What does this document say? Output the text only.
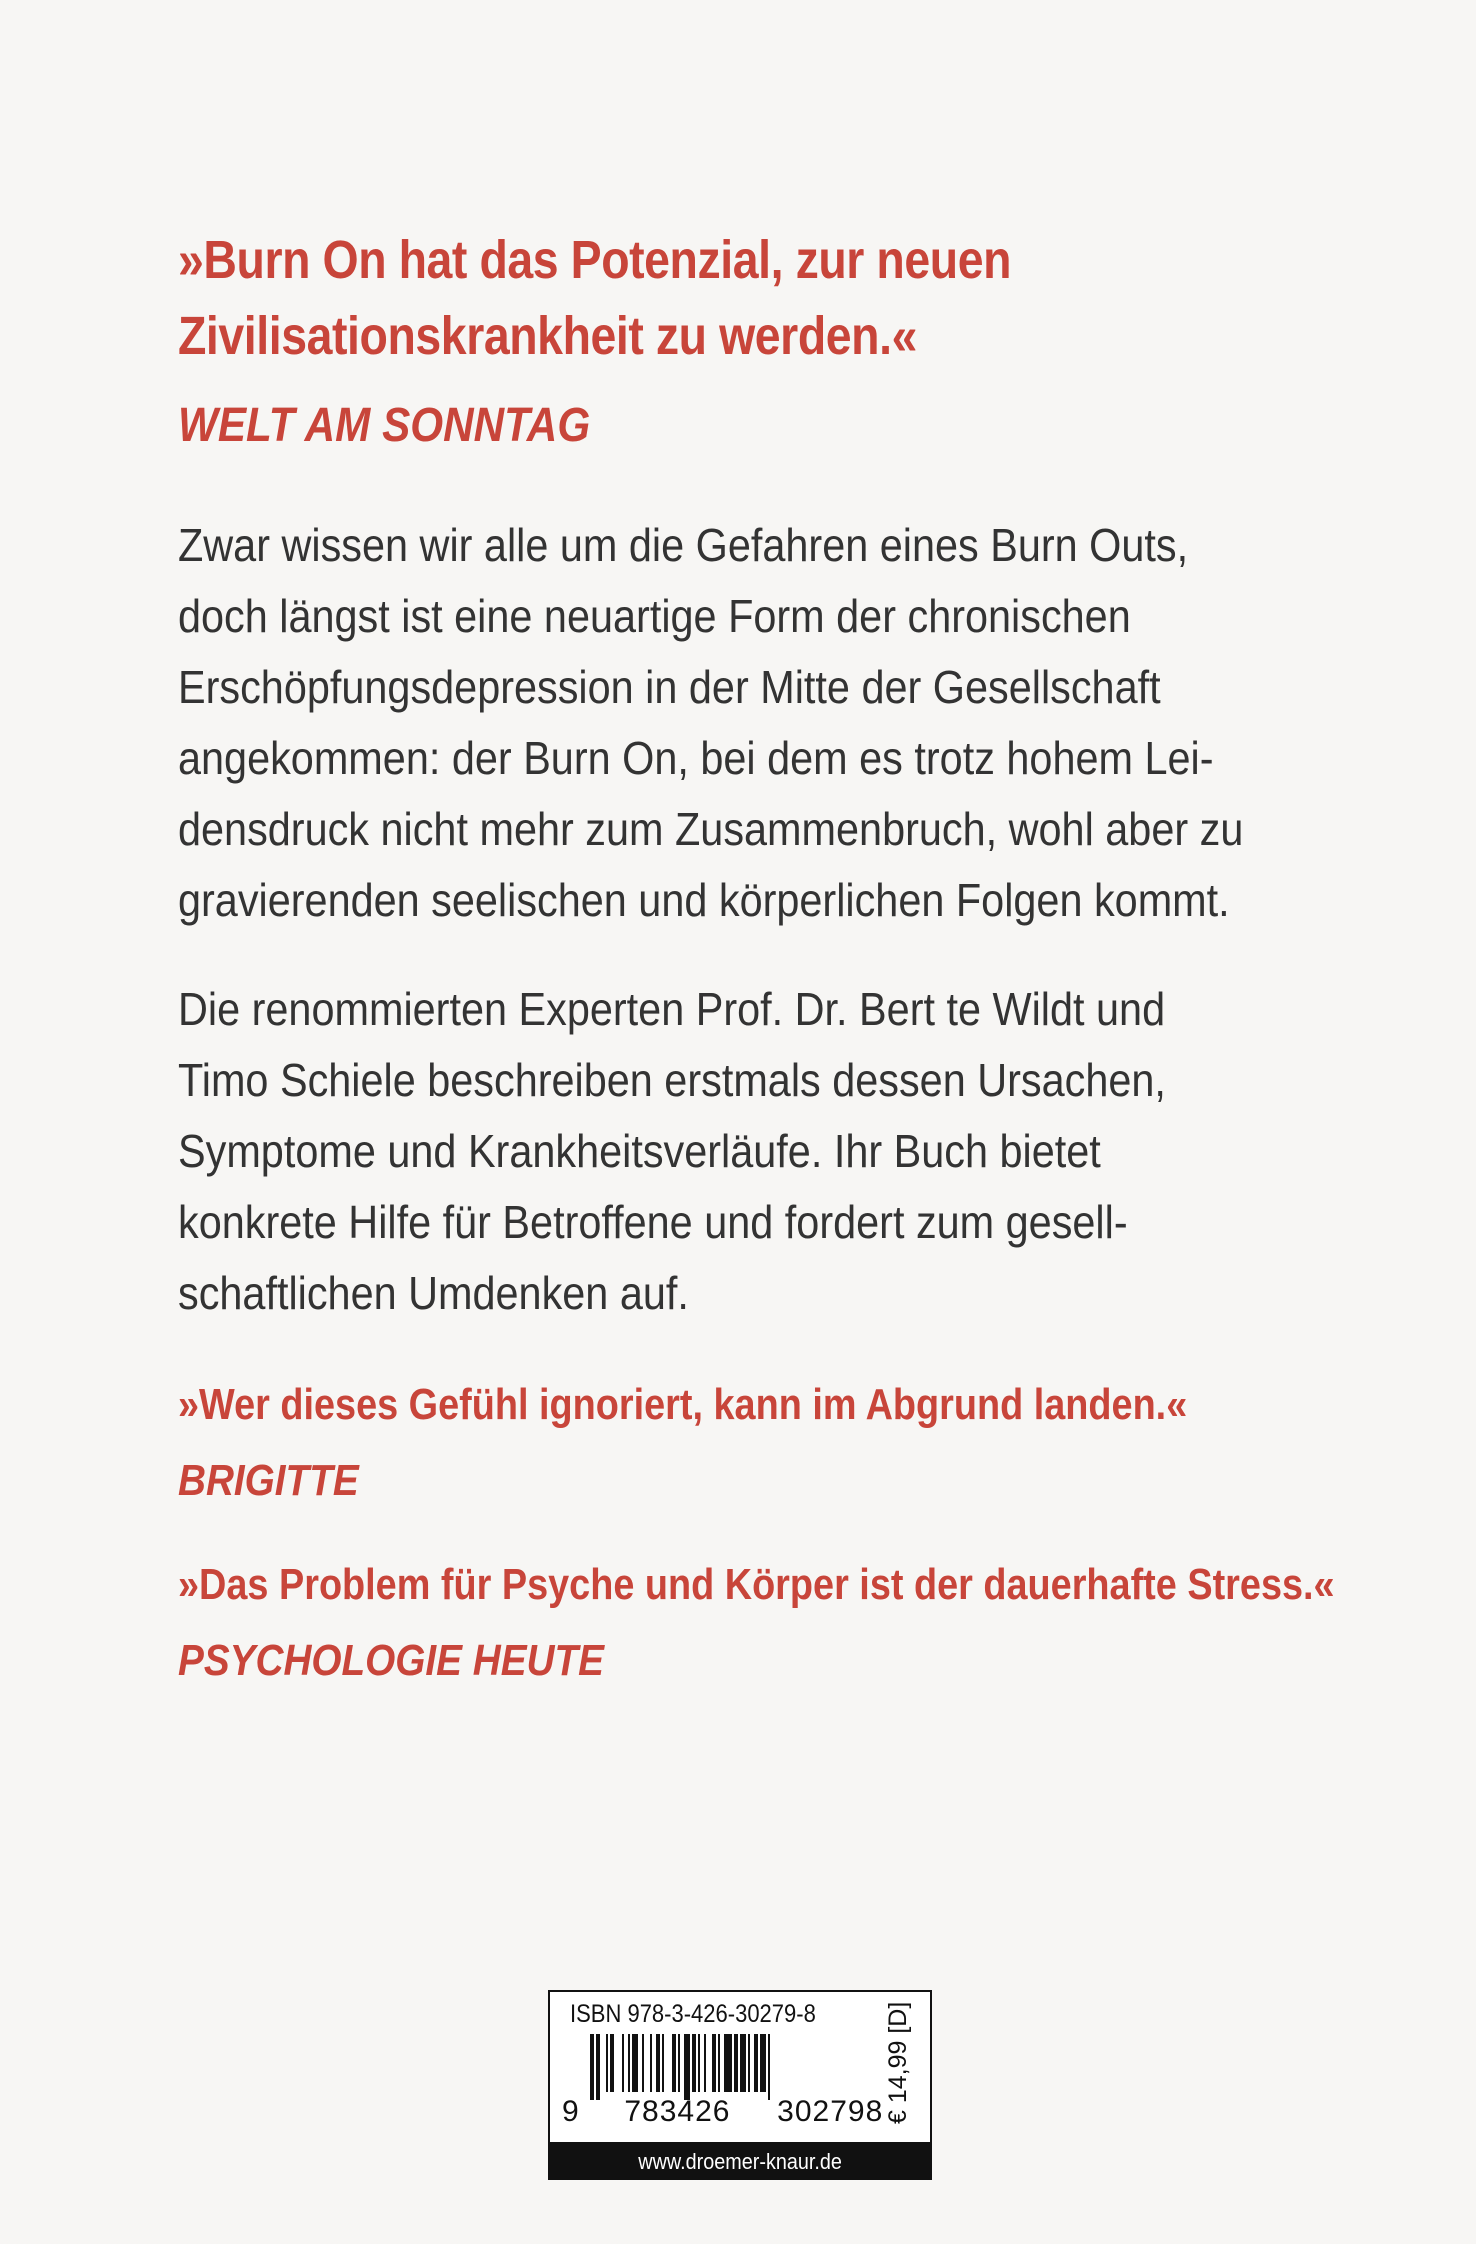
»Burn On hat das Potenzial, zur neuen
Zivilisationskrankheit zu werden.«
WELT AM SONNTAG
Zwar wissen wir alle um die Gefahren eines Burn Outs,
doch längst ist eine neuartige Form der chronischen
Erschöpfungsdepression in der Mitte der Gesellschaft
angekommen: der Burn On, bei dem es trotz hohem Lei-
densdruck nicht mehr zum Zusammenbruch, wohl aber zu
gravierenden seelischen und körperlichen Folgen kommt.
Die renommierten Experten Prof. Dr. Bert te Wildt und
Timo Schiele beschreiben erstmals dessen Ursachen,
Symptome und Krankheitsverläufe. Ihr Buch bietet
konkrete Hilfe für Betroffene und fordert zum gesell-
schaftlichen Umdenken auf.
»Wer dieses Gefühl ignoriert, kann im Abgrund landen.«
BRIGITTE
»Das Problem für Psyche und Körper ist der dauerhafte Stress.«
PSYCHOLOGIE HEUTE
ISBN 978-3-426-30279-8
9 783426 302798 € 14,99 [D]
www.droemer-knaur.de
